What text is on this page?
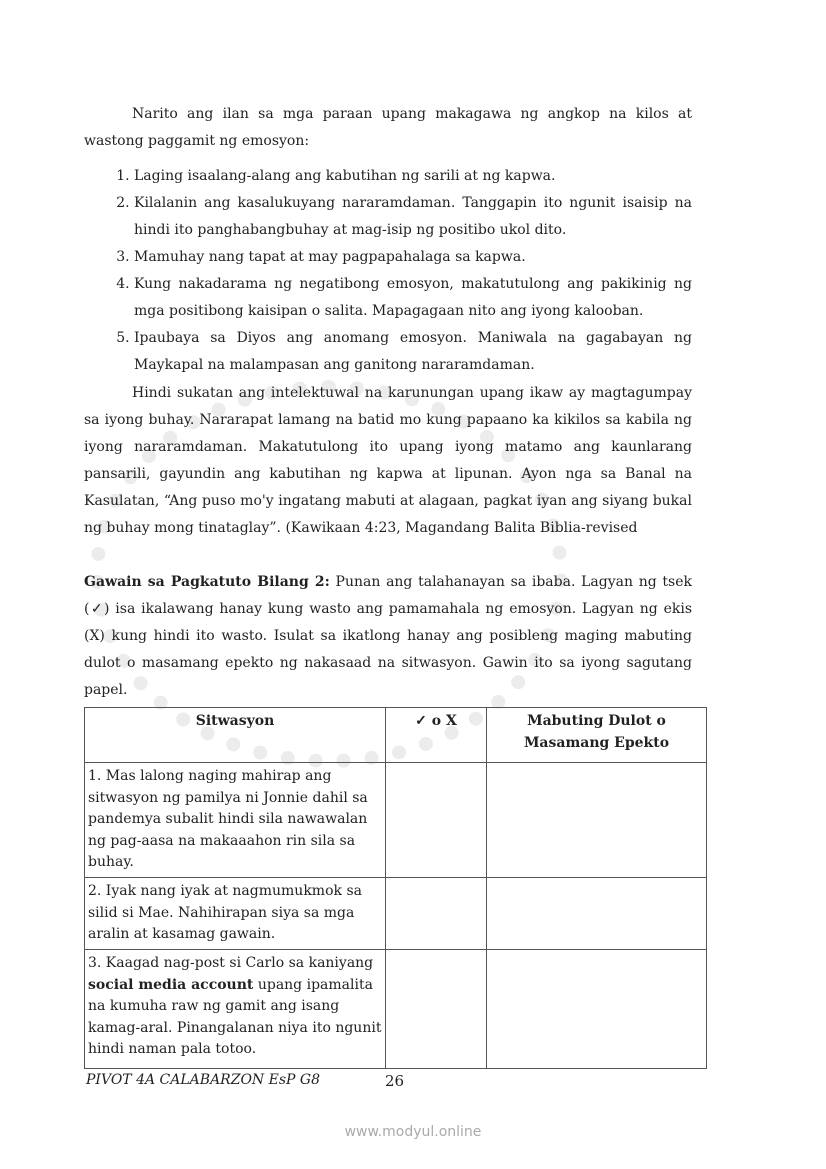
Narito ang ilan sa mga paraan upang makagawa ng angkop na kilos at wastong paggamit ng emosyon:
1. Laging isaalang-alang ang kabutihan ng sarili at ng kapwa.
2. Kilalanin ang kasalukuyang nararamdaman. Tanggapin ito ngunit isaisip na hindi ito panghabangbuhay at mag-isip ng positibo ukol dito.
3. Mamuhay nang tapat at may pagpapahalaga sa kapwa.
4. Kung nakadarama ng negatibong emosyon, makatutulong ang pakikinig ng mga positibong kaisipan o salita. Mapagagaan nito ang iyong kalooban.
5. Ipaubaya sa Diyos ang anomang emosyon. Maniwala na gagabayan ng Maykapal na malampasan ang ganitong nararamdaman.
Hindi sukatan ang intelektuwal na karunungan upang ikaw ay magtagumpay sa iyong buhay. Nararapat lamang na batid mo kung papaano ka kikilos sa kabila ng iyong nararamdaman. Makatutulong ito upang iyong matamo ang kaunlarang pansarili, gayundin ang kabutihan ng kapwa at lipunan. Ayon nga sa Banal na Kasulatan, “Ang puso mo'y ingatang mabuti at alagaan, pagkat iyan ang siyang bukal ng buhay mong tinataglay”. (Kawikaan 4:23, Magandang Balita Biblia-revised
Gawain sa Pagkatuto Bilang 2: Punan ang talahanayan sa ibaba. Lagyan ng tsek (✓) isa ikalawang hanay kung wasto ang pamamahala ng emosyon. Lagyan ng ekis (X) kung hindi ito wasto. Isulat sa ikatlong hanay ang posibleng maging mabuting dulot o masamang epekto ng nakasaad na sitwasyon. Gawin ito sa iyong sagutang papel.
Sitwasyon	✓ o X	Mabuting Dulot o Masamang Epekto
1. Mas lalong naging mahirap ang sitwasyon ng pamilya ni Jonnie dahil sa pandemya subalit hindi sila nawawalan ng pag-aasa na makaaahon rin sila sa buhay.		
2. Iyak nang iyak at nagmumukmok sa silid si Mae. Nahihirapan siya sa mga aralin at kasamag gawain.		
3. Kaagad nag-post si Carlo sa kaniyang social media account upang ipamalita na kumuha raw ng gamit ang isang kamag-aral. Pinangalanan niya ito ngunit hindi naman pala totoo.		
PIVOT 4A CALABARZON EsP G8	26
www.modyul.online
